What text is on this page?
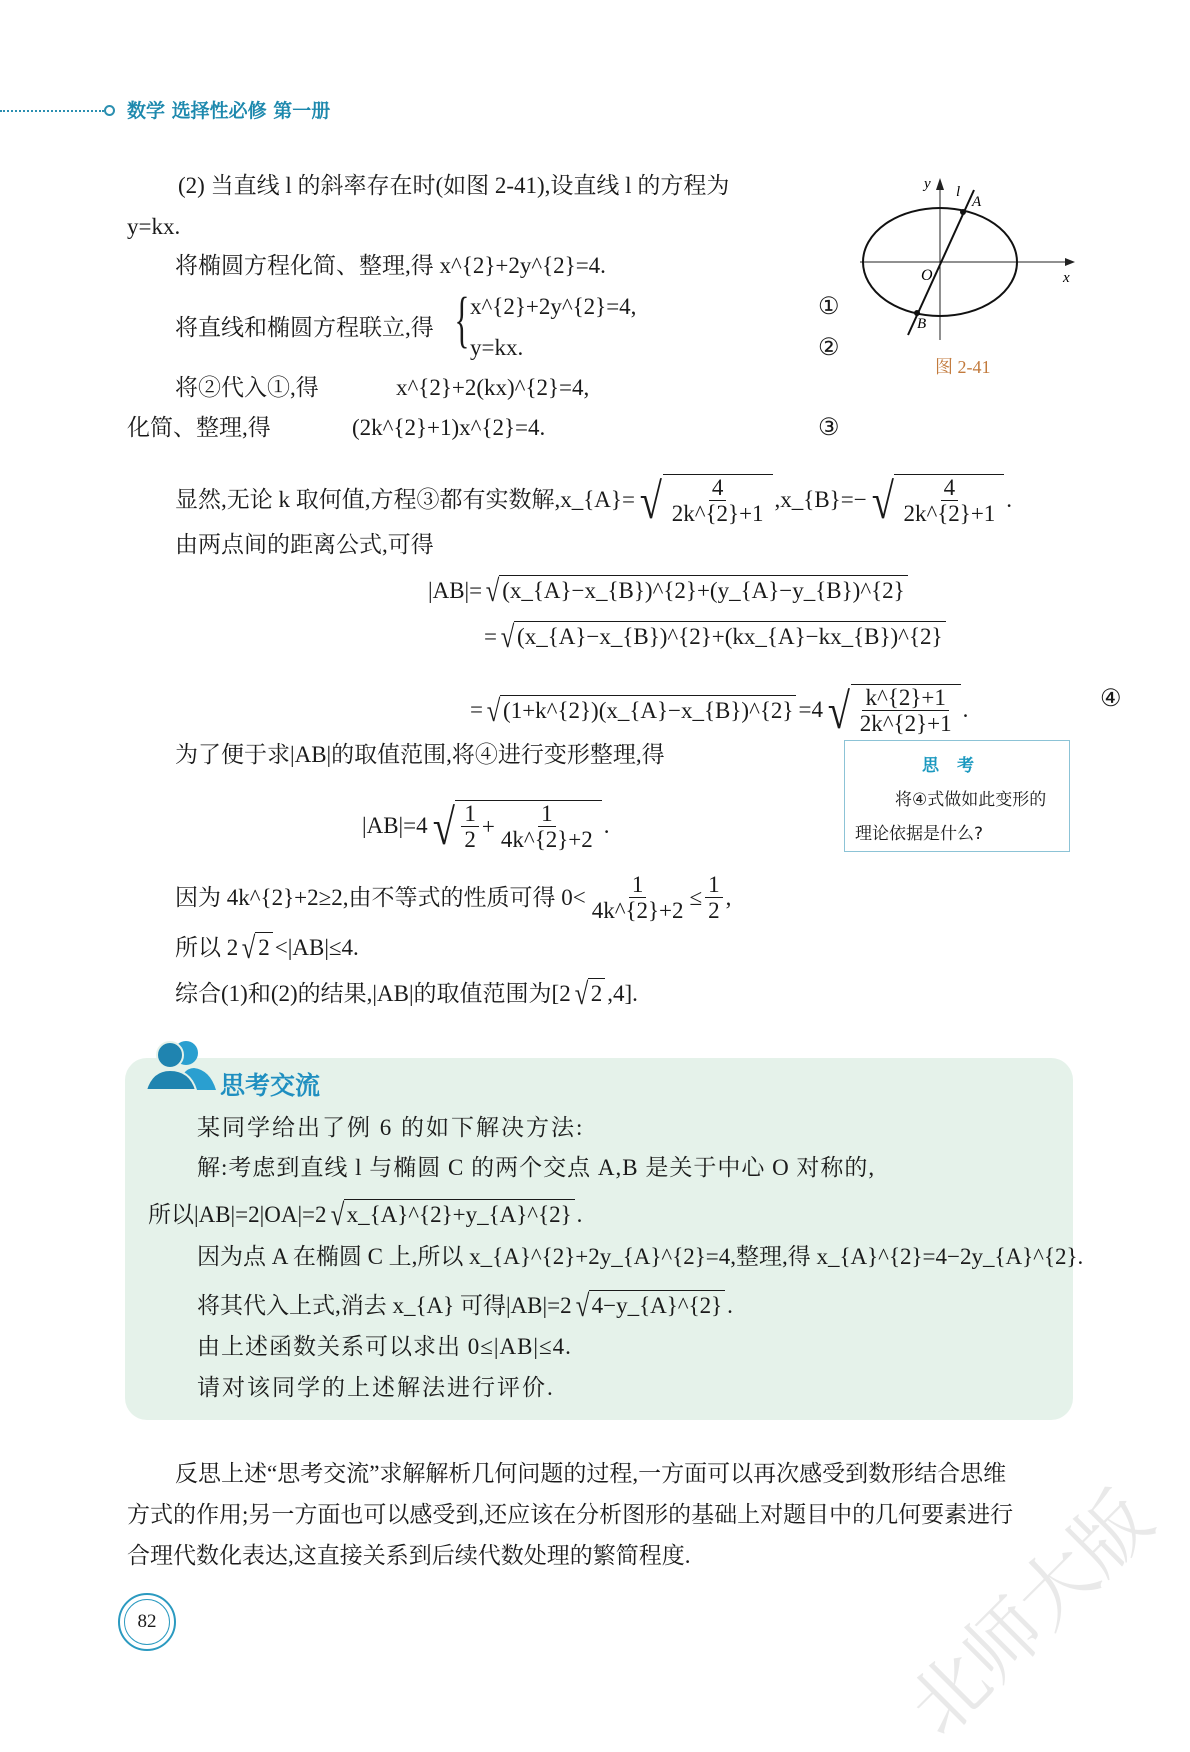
数学 选择性必修 第一册
y
x
l
A
B
O
图 2-41
(2) 当直线 l 的斜率存在时(如图 2-41),设直线 l 的方程为
y=kx.
将椭圆方程化简、整理,得 x^{2}+2y^{2}=4.
将直线和椭圆方程联立,得 { x^{2}+2y^{2}=4,
y=kx.
①
②
将②代入①,得	x^{2}+2(kx)^{2}=4,
化简、整理,得	(2k^{2}+1)x^{2}=4.	③
显然,无论 k 取何值,方程③都有实数解, x_{A}= √ $\frac{4}{2k\^{}\{2\}+1}$ ,x_{B}=− √ $\frac{4}{2k\^{}\{2\}+1}$ .
由两点间的距离公式,可得
|AB|= √ (x_{A}−x_{B})^{2}+(y_{A}−y_{B})^{2}
= √ (x_{A}−x_{B})^{2}+(kx_{A}−kx_{B})^{2}
= √ (1+k^{2})(x_{A}−x_{B})^{2} =4 √ $\frac{k\^{}\{2\}+1}{2k\^{}\{2\}+1}$ .	④
为了便于求|AB|的取值范围,将④进行变形整理,得
|AB|=4 √ $\frac{1}{2} + \frac{1}{4k\^{}\{2\}+2}$ .
因为 4k^{2}+2≥2,由不等式的性质可得 $0< \frac{1}{4k\^{}\{2\}+2} \le \frac{1}{2}$ ,
所以 2 √ 2 <|AB|≤4.
综合(1)和(2)的结果,|AB|的取值范围为[2 √ 2 ,4].
思考
将④式做如此变形的理论依据是什么?
思考交流
某同学给出了例 6 的如下解决方法:
解:考虑到直线 l 与椭圆 C 的两个交点 A,B 是关于中心 O 对称的,
所以|AB|=2|OA|=2 √ x_{A}^{2}+y_{A}^{2} .
因为点 A 在椭圆 C 上,所以 x_{A}^{2}+2y_{A}^{2}=4,整理,得 x_{A}^{2}=4−2y_{A}^{2}.
将其代入上式,消去 x_{A} 可得|AB|=2 √ 4−y_{A}^{2} .
由上述函数关系可以求出 0≤|AB|≤4.
请对该同学的上述解法进行评价.
反思上述“思考交流”求解解析几何问题的过程,一方面可以再次感受到数形结合思维
方式的作用;另一方面也可以感受到,还应该在分析图形的基础上对题目中的几何要素进行
合理代数化表达,这直接关系到后续代数处理的繁简程度.
82	北师大版
